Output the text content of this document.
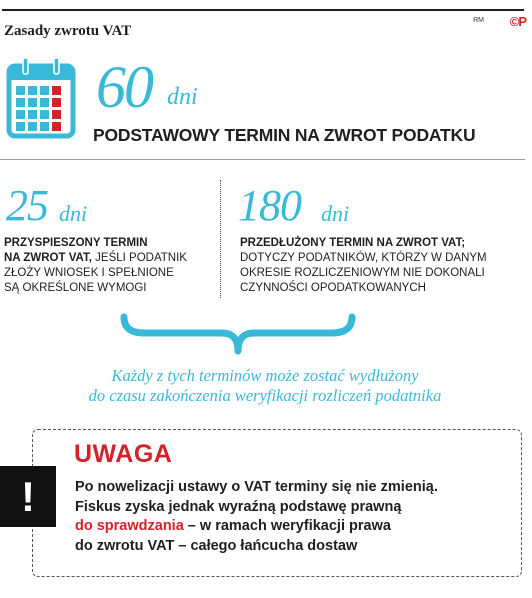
Zasady zwrotu VAT
RM ©P
60 dni
PODSTAWOWY TERMIN NA ZWROT PODATKU
25 dni
PRZYSPIESZONY TERMIN
NA ZWROT VAT, JEŚLI PODATNIK
ZŁOŻY WNIOSEK I SPEŁNIONE
SĄ OKREŚLONE WYMOGI
180 dni
PRZEDŁUŻONY TERMIN NA ZWROT VAT;
DOTYCZY PODATNIKÓW, KTÓRZY W DANYM
OKRESIE ROZLICZENIOWYM NIE DOKONALI
CZYNNOŚCI OPODATKOWANYCH
Każdy z tych terminów może zostać wydłużony
do czasu zakończenia weryfikacji rozliczeń podatnika
UWAGA
!	Po nowelizacji ustawy o VAT terminy się nie zmienią.
Fiskus zyska jednak wyraźną podstawę prawną
do sprawdzania – w ramach weryfikacji prawa
do zwrotu VAT – całego łańcucha dostaw
